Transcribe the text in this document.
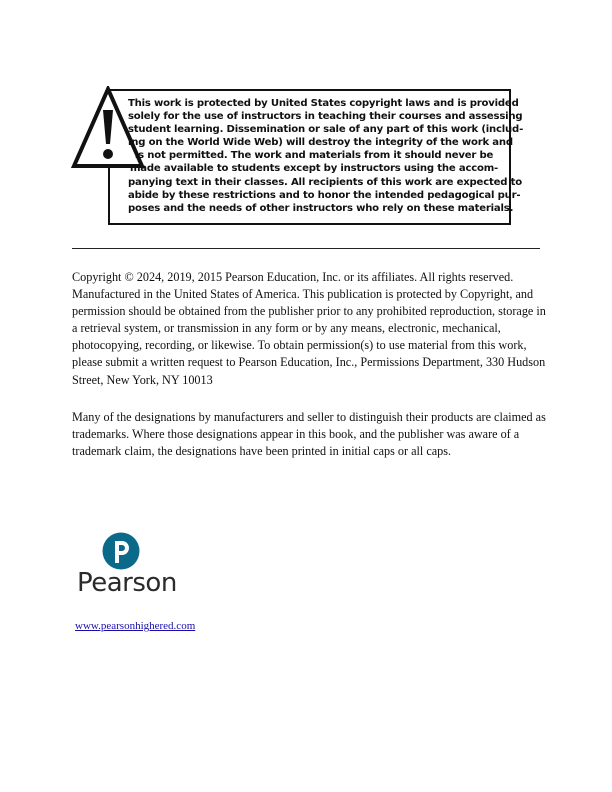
This work is protected by United States copyright laws and is provided
solely for the use of instructors in teaching their courses and assessing
student learning. Dissemination or sale of any part of this work (includ-
ing on the World Wide Web) will destroy the integrity of the work and
is not permitted. The work and materials from it should never be
made available to students except by instructors using the accom-
panying text in their classes. All recipients of this work are expected to
abide by these restrictions and to honor the intended pedagogical pur-
poses and the needs of other instructors who rely on these materials.
Copyright © 2024, 2019, 2015 Pearson Education, Inc. or its affiliates. All rights reserved.
Manufactured in the United States of America. This publication is protected by Copyright, and
permission should be obtained from the publisher prior to any prohibited reproduction, storage in
a retrieval system, or transmission in any form or by any means, electronic, mechanical,
photocopying, recording, or likewise. To obtain permission(s) to use material from this work,
please submit a written request to Pearson Education, Inc., Permissions Department, 330 Hudson
Street, New York, NY 10013
Many of the designations by manufacturers and seller to distinguish their products are claimed as
trademarks. Where those designations appear in this book, and the publisher was aware of a
trademark claim, the designations have been printed in initial caps or all caps.
Pearson
www.pearsonhighered.com
